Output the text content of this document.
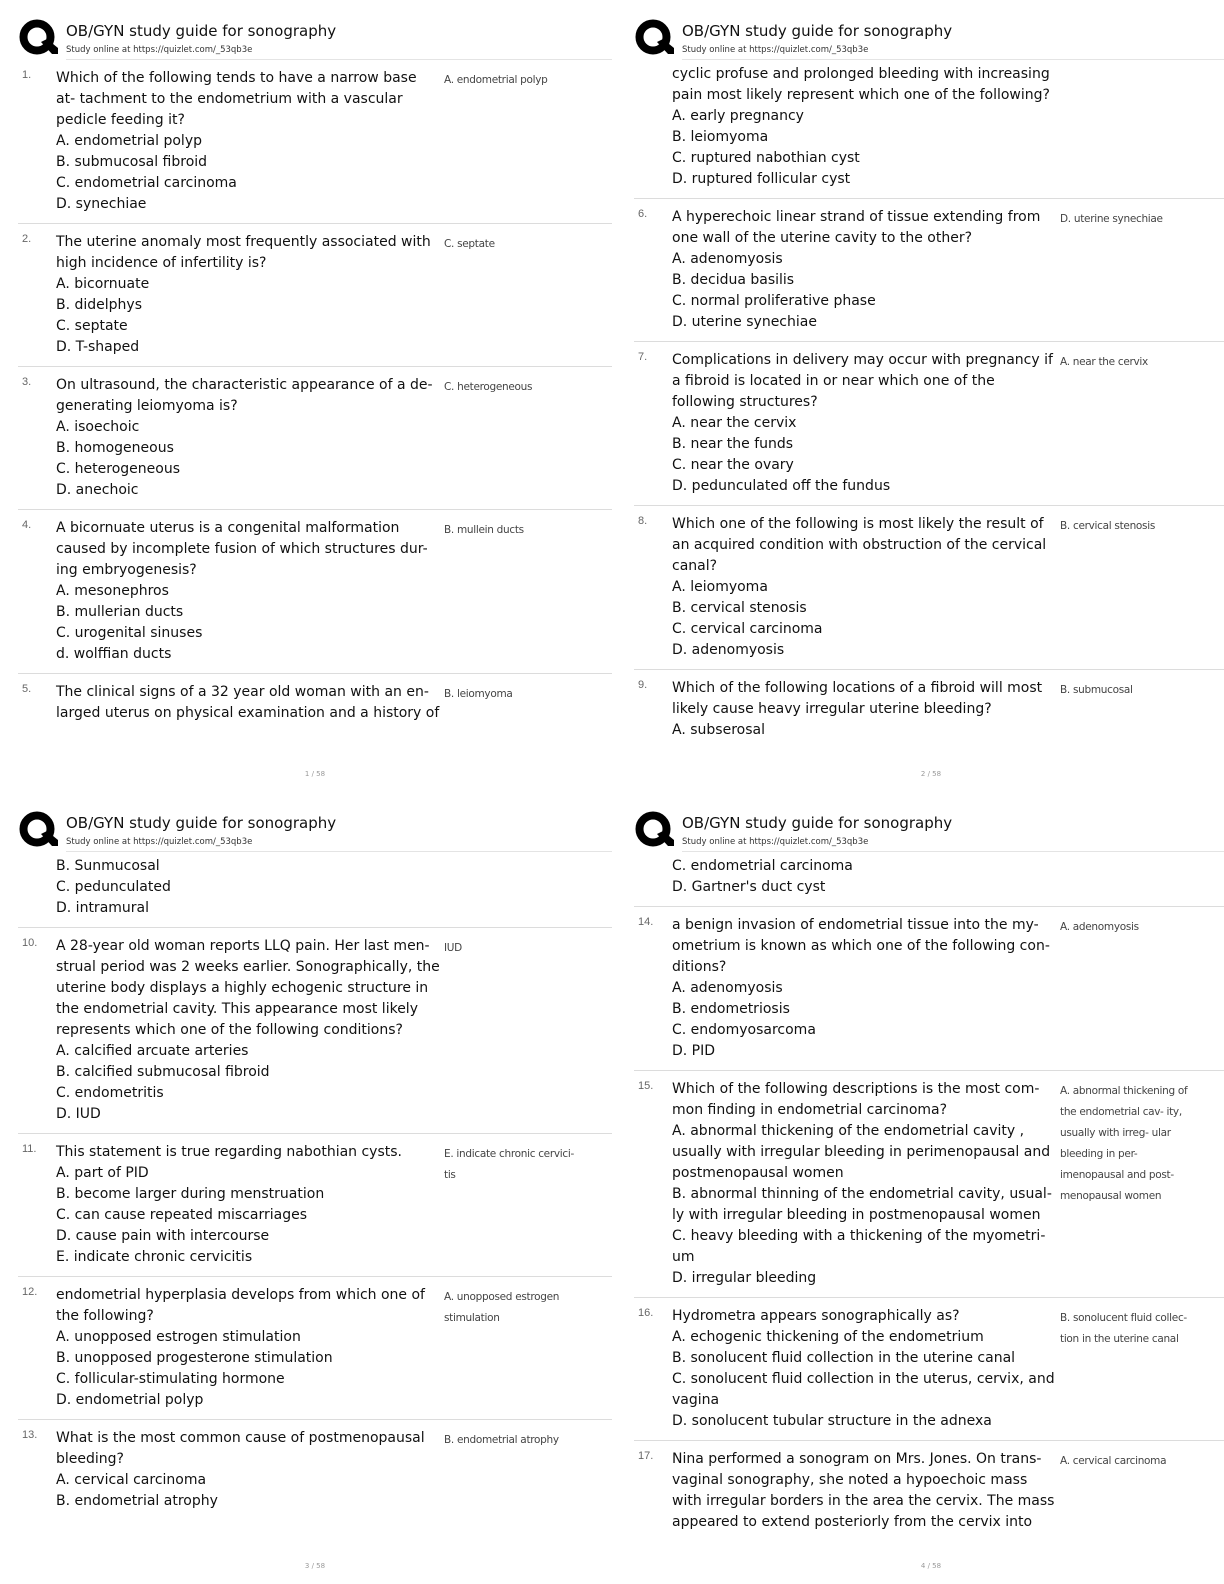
OB/GYN study guide for sonography
Study online at https://quizlet.com/_53qb3e
1. Which of the following tends to have a narrow base at- tachment to the endometrium with a vascular pedicle feeding it?
A. endometrial polyp
B. submucosal fibroid
C. endometrial carcinoma
D. synechiae
A. endometrial polyp
2. The uterine anomaly most frequently associated with high incidence of infertility is?
A. bicornuate
B. didelphys
C. septate
D. T-shaped
C. septate
3. On ultrasound, the characteristic appearance of a de- generating leiomyoma is?
A. isoechoic
B. homogeneous
C. heterogeneous
D. anechoic
C. heterogeneous
4. A bicornuate uterus is a congenital malformation caused by incomplete fusion of which structures dur- ing embryogenesis?
A. mesonephros
B. mullerian ducts
C. urogenital sinuses
d. wolffian ducts
B. mullein ducts
5. The clinical signs of a 32 year old woman with an en- larged uterus on physical examination and a history of
B. leiomyoma
1 / 58
OB/GYN study guide for sonography
Study online at https://quizlet.com/_53qb3e
cyclic profuse and prolonged bleeding with increasing pain most likely represent which one of the following?
A. early pregnancy
B. leiomyoma
C. ruptured nabothian cyst
D. ruptured follicular cyst
6. A hyperechoic linear strand of tissue extending from one wall of the uterine cavity to the other?
A. adenomyosis
B. decidua basilis
C. normal proliferative phase
D. uterine synechiae
D. uterine synechiae
7. Complications in delivery may occur with pregnancy if a fibroid is located in or near which one of the following structures?
A. near the cervix
B. near the funds
C. near the ovary
D. pedunculated off the fundus
A. near the cervix
8. Which one of the following is most likely the result of an acquired condition with obstruction of the cervical canal?
A. leiomyoma
B. cervical stenosis
C. cervical carcinoma
D. adenomyosis
B. cervical stenosis
9. Which of the following locations of a fibroid will most likely cause heavy irregular uterine bleeding?
A. subserosal
B. submucosal
2 / 58
OB/GYN study guide for sonography
Study online at https://quizlet.com/_53qb3e
B. Sunmucosal
C. pedunculated
D. intramural
10. A 28-year old woman reports LLQ pain. Her last men- strual period was 2 weeks earlier. Sonographically, the uterine body displays a highly echogenic structure in the endometrial cavity. This appearance most likely represents which one of the following conditions?
A. calcified arcuate arteries
B. calcified submucosal fibroid
C. endometritis
D. IUD
IUD
11. This statement is true regarding nabothian cysts.
A. part of PID
B. become larger during menstruation
C. can cause repeated miscarriages
D. cause pain with intercourse
E. indicate chronic cervicitis
E. indicate chronic cervici- tis
12. endometrial hyperplasia develops from which one of the following?
A. unopposed estrogen stimulation
B. unopposed progesterone stimulation
C. follicular-stimulating hormone
D. endometrial polyp
A. unopposed estrogen stimulation
13. What is the most common cause of postmenopausal bleeding?
A. cervical carcinoma
B. endometrial atrophy
B. endometrial atrophy
3 / 58
OB/GYN study guide for sonography
Study online at https://quizlet.com/_53qb3e
C. endometrial carcinoma
D. Gartner's duct cyst
14. a benign invasion of endometrial tissue into the my- ometrium is known as which one of the following con- ditions?
A. adenomyosis
B. endometriosis
C. endomyosarcoma
D. PID
A. adenomyosis
15. Which of the following descriptions is the most com- mon finding in endometrial carcinoma?
A. abnormal thickening of the endometrial cavity , usually with irregular bleeding in perimenopausal and postmenopausal women
B. abnormal thinning of the endometrial cavity, usual- ly with irregular bleeding in postmenopausal women
C. heavy bleeding with a thickening of the myometri- um
D. irregular bleeding
A. abnormal thickening of the endometrial cav- ity, usually with irreg- ular bleeding in per- imenopausal and post- menopausal women
16. Hydrometra appears sonographically as?
A. echogenic thickening of the endometrium
B. sonolucent fluid collection in the uterine canal
C. sonolucent fluid collection in the uterus, cervix, and vagina
D. sonolucent tubular structure in the adnexa
B. sonolucent fluid collec- tion in the uterine canal
17. Nina performed a sonogram on Mrs. Jones. On trans- vaginal sonography, she noted a hypoechoic mass with irregular borders in the area the cervix. The mass appeared to extend posteriorly from the cervix into
A. cervical carcinoma
4 / 58
